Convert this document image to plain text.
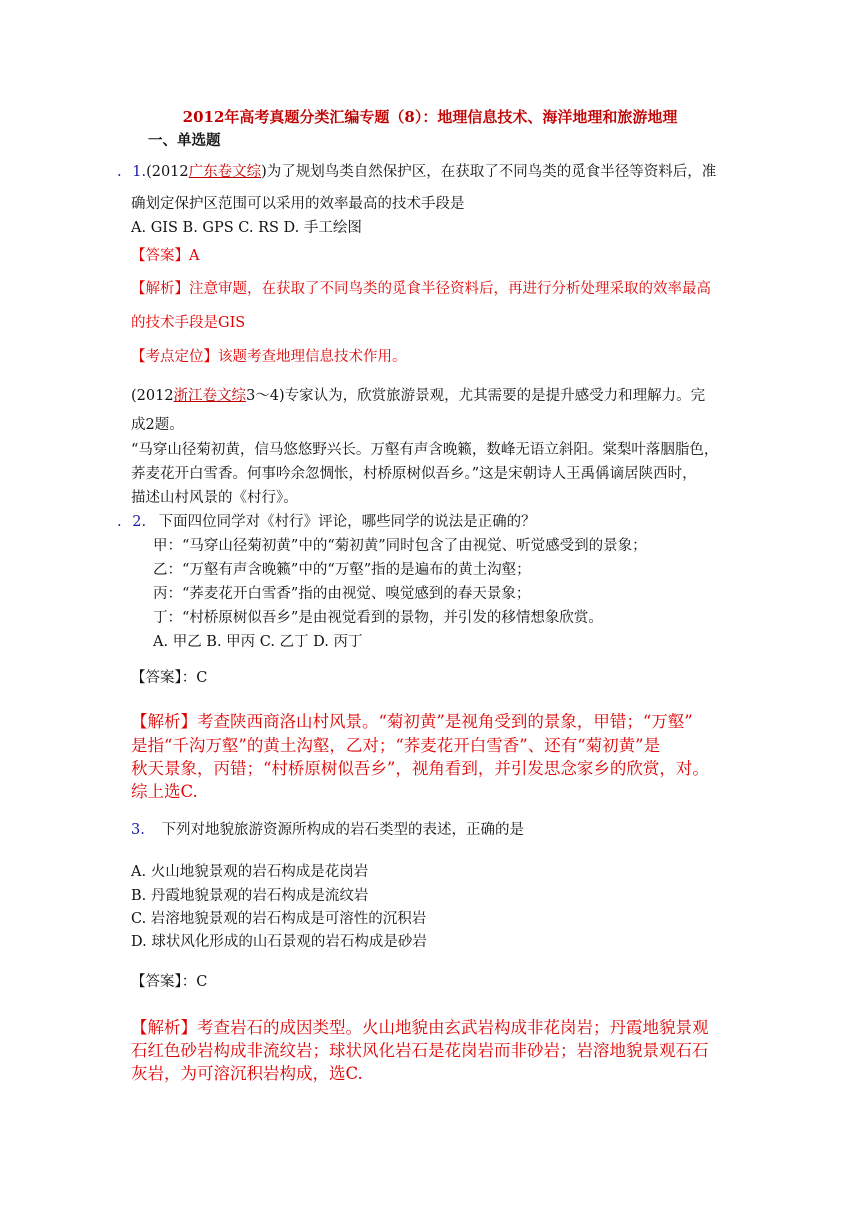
2012年高考真题分类汇编专题（8）：地理信息技术、海洋地理和旅游地理
一、单选题
. 1.(2012广东卷文综)为了规划鸟类自然保护区，在获取了不同鸟类的觅食半径等资料后，准
确划定保护区范围可以采用的效率最高的技术手段是
A. GIS B. GPS C. RS D. 手工绘图
【答案】A
【解析】注意审题，在获取了不同鸟类的觅食半径资料后，再进行分析处理采取的效率最高
的技术手段是GIS
【考点定位】该题考查地理信息技术作用。
(2012浙江卷文综3～4)专家认为，欣赏旅游景观，尤其需要的是提升感受力和理解力。完
成2题。
“马穿山径菊初黄，信马悠悠野兴长。万壑有声含晚籁，数峰无语立斜阳。棠梨叶落胭脂色，
荞麦花开白雪香。何事吟余忽惆怅，村桥原树似吾乡。”这是宋朝诗人王禹偁谪居陕西时，
描述山村风景的《村行》。
. 2. 下面四位同学对《村行》评论，哪些同学的说法是正确的？
甲：“马穿山径菊初黄”中的“菊初黄”同时包含了由视觉、听觉感受到的景象；
乙：“万壑有声含晚籁”中的“万壑”指的是遍布的黄土沟壑；
丙：“荞麦花开白雪香”指的由视觉、嗅觉感到的春天景象；
丁：“村桥原树似吾乡”是由视觉看到的景物，并引发的移情想象欣赏。
A. 甲乙 B. 甲丙 C. 乙丁 D. 丙丁
【答案】：C
【解析】考查陕西商洛山村风景。“菊初黄”是视角受到的景象，甲错；“万壑”
是指“千沟万壑”的黄土沟壑，乙对；“荞麦花开白雪香”、还有“菊初黄”是
秋天景象，丙错；“村桥原树似吾乡”，视角看到，并引发思念家乡的欣赏，对。
综上选C.
3. 下列对地貌旅游资源所构成的岩石类型的表述，正确的是
A. 火山地貌景观的岩石构成是花岗岩
B. 丹霞地貌景观的岩石构成是流纹岩
C. 岩溶地貌景观的岩石构成是可溶性的沉积岩
D. 球状风化形成的山石景观的岩石构成是砂岩
【答案】：C
【解析】考查岩石的成因类型。火山地貌由玄武岩构成非花岗岩；丹霞地貌景观
石红色砂岩构成非流纹岩；球状风化岩石是花岗岩而非砂岩；岩溶地貌景观石石
灰岩，为可溶沉积岩构成，选C.
